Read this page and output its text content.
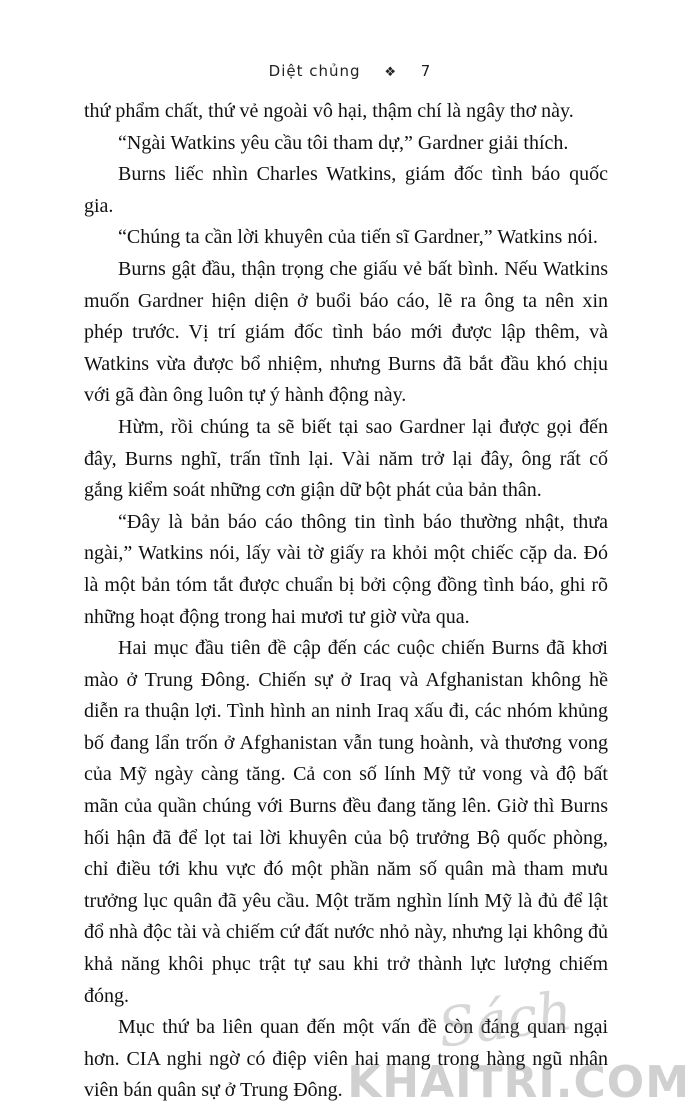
Diệt chủng ❖ 7

thứ phẩm chất, thứ vẻ ngoài vô hại, thậm chí là ngây thơ này.

“Ngài Watkins yêu cầu tôi tham dự,” Gardner giải thích.

Burns liếc nhìn Charles Watkins, giám đốc tình báo quốc gia.

“Chúng ta cần lời khuyên của tiến sĩ Gardner,” Watkins nói.

Burns gật đầu, thận trọng che giấu vẻ bất bình. Nếu Watkins muốn Gardner hiện diện ở buổi báo cáo, lẽ ra ông ta nên xin phép trước. Vị trí giám đốc tình báo mới được lập thêm, và Watkins vừa được bổ nhiệm, nhưng Burns đã bắt đầu khó chịu với gã đàn ông luôn tự ý hành động này.

Hừm, rồi chúng ta sẽ biết tại sao Gardner lại được gọi đến đây, Burns nghĩ, trấn tĩnh lại. Vài năm trở lại đây, ông rất cố gắng kiểm soát những cơn giận dữ bột phát của bản thân.

“Đây là bản báo cáo thông tin tình báo thường nhật, thưa ngài,” Watkins nói, lấy vài tờ giấy ra khỏi một chiếc cặp da. Đó là một bản tóm tắt được chuẩn bị bởi cộng đồng tình báo, ghi rõ những hoạt động trong hai mươi tư giờ vừa qua.

Hai mục đầu tiên đề cập đến các cuộc chiến Burns đã khơi mào ở Trung Đông. Chiến sự ở Iraq và Afghanistan không hề diễn ra thuận lợi. Tình hình an ninh Iraq xấu đi, các nhóm khủng bố đang lẩn trốn ở Afghanistan vẫn tung hoành, và thương vong của Mỹ ngày càng tăng. Cả con số lính Mỹ tử vong và độ bất mãn của quần chúng với Burns đều đang tăng lên. Giờ thì Burns hối hận đã để lọt tai lời khuyên của bộ trưởng Bộ quốc phòng, chỉ điều tới khu vực đó một phần năm số quân mà tham mưu trưởng lục quân đã yêu cầu. Một trăm nghìn lính Mỹ là đủ để lật đổ nhà độc tài và chiếm cứ đất nước nhỏ này, nhưng lại không đủ khả năng khôi phục trật tự sau khi trở thành lực lượng chiếm đóng.

Mục thứ ba liên quan đến một vấn đề còn đáng quan ngại hơn. CIA nghi ngờ có điệp viên hai mang trong hàng ngũ nhân viên bán quân sự ở Trung Đông.

Sách
KHAITRI.COM
